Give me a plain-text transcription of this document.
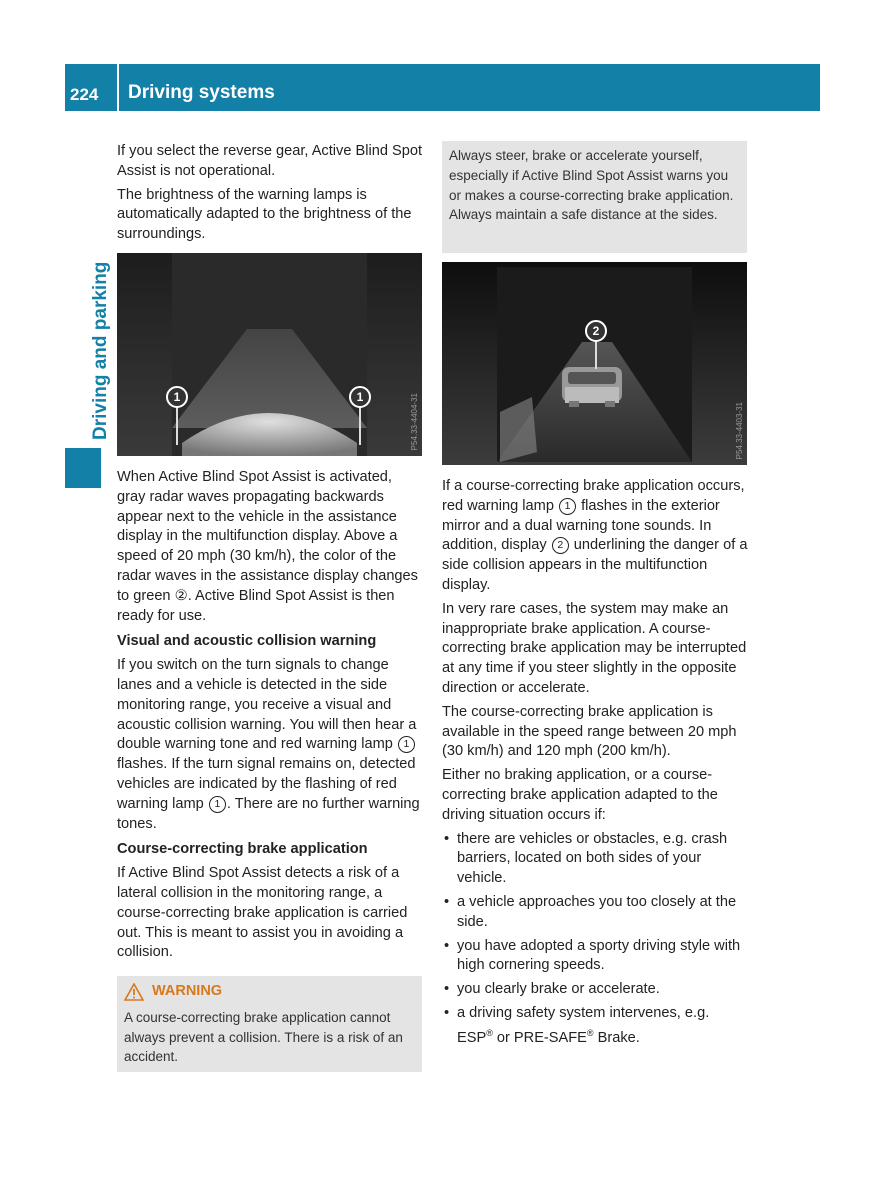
224	Driving systems
Driving and parking

If you select the reverse gear, Active Blind Spot Assist is not operational.

The brightness of the warning lamps is automatically adapted to the brightness of the surroundings.

1	1	P54.33-4404-31

When Active Blind Spot Assist is activated, gray radar waves propagating backwards appear next to the vehicle in the assistance display in the multifunction display. Above a speed of 20 mph (30 km/h), the color of the radar waves in the assistance display changes to green ②. Active Blind Spot Assist is then ready for use.

Visual and acoustic collision warning

If you switch on the turn signals to change lanes and a vehicle is detected in the side monitoring range, you receive a visual and acoustic collision warning. You will then hear a double warning tone and red warning lamp 1 flashes. If the turn signal remains on, detected vehicles are indicated by the flashing of red warning lamp 1 . There are no further warning tones.

Course-correcting brake application

If Active Blind Spot Assist detects a risk of a lateral collision in the monitoring range, a course-correcting brake application is carried out. This is meant to assist you in avoiding a collision.

WARNING
A course-correcting brake application cannot always prevent a collision. There is a risk of an accident.
Always steer, brake or accelerate yourself, especially if Active Blind Spot Assist warns you or makes a course-correcting brake application. Always maintain a safe distance at the sides.
2
P54.33-4403-31

If a course-correcting brake application occurs, red warning lamp 1 flashes in the exterior mirror and a dual warning tone sounds. In addition, display 2 underlining the danger of a side collision appears in the multifunction display.

In very rare cases, the system may make an inappropriate brake application. A course-correcting brake application may be interrupted at any time if you steer slightly in the opposite direction or accelerate.

The course-correcting brake application is available in the speed range between 20 mph (30 km/h) and 120 mph (200 km/h).

Either no braking application, or a course-correcting brake application adapted to the driving situation occurs if:

• there are vehicles or obstacles, e.g. crash barriers, located on both sides of your vehicle.
• a vehicle approaches you too closely at the side.
• you have adopted a sporty driving style with high cornering speeds.
• you clearly brake or accelerate.
• a driving safety system intervenes, e.g. ESP® or PRE-SAFE® Brake.
